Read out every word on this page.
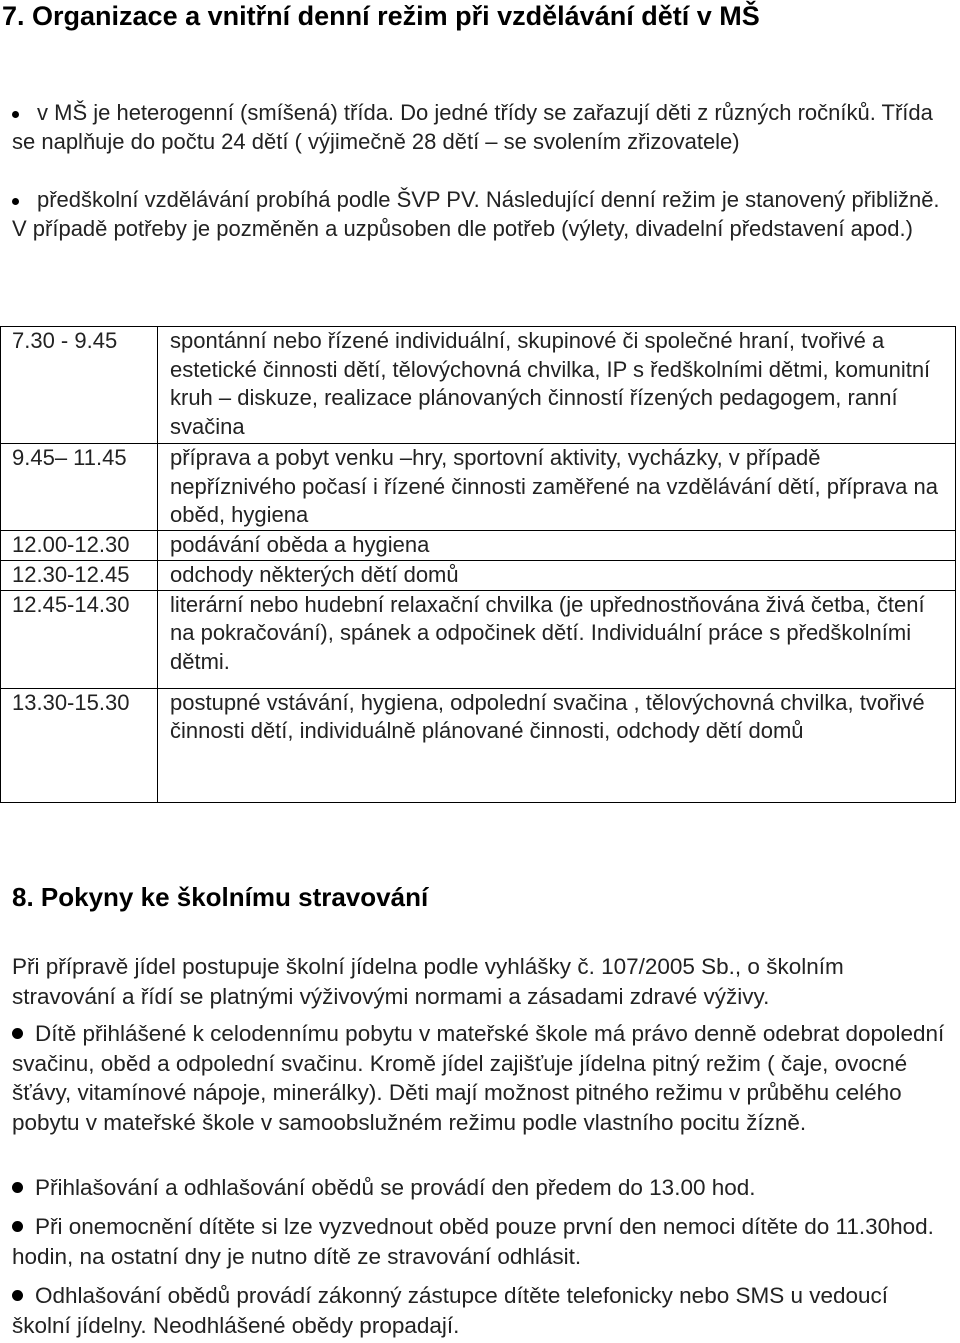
7. Organizace a vnitřní denní režim při vzdělávání dětí v MŠ
v MŠ je heterogenní (smíšená) třída. Do jedné třídy se zařazují děti z různých ročníků. Třída se naplňuje do počtu 24 dětí ( výjimečně 28 dětí – se svolením zřizovatele)
předškolní vzdělávání probíhá podle ŠVP PV. Následující denní režim je stanovený přibližně. V případě potřeby je pozměněn a uzpůsoben dle potřeb (výlety, divadelní představení apod.)
7.30 - 9.45	spontánní nebo řízené individuální, skupinové či společné hraní, tvořivé a estetické činnosti dětí, tělovýchovná chvilka, IP s ředškolními dětmi, komunitní kruh – diskuze, realizace plánovaných činností řízených pedagogem, ranní svačina
9.45– 11.45	příprava a pobyt venku –hry, sportovní aktivity, vycházky, v případě nepříznivého počasí i řízené činnosti zaměřené na vzdělávání dětí, příprava na oběd, hygiena
12.00-12.30	podávání oběda a hygiena
12.30-12.45	odchody některých dětí domů
12.45-14.30	literární nebo hudební relaxační chvilka (je upřednostňována živá četba, čtení na pokračování), spánek a odpočinek dětí. Individuální práce s předškolními dětmi.
13.30-15.30	postupné vstávání, hygiena, odpolední svačina , tělovýchovná chvilka, tvořivé činnosti dětí, individuálně plánované činnosti, odchody dětí domů
8. Pokyny ke školnímu stravování
Při přípravě jídel postupuje školní jídelna podle vyhlášky č. 107/2005 Sb., o školním stravování a řídí se platnými výživovými normami a zásadami zdravé výživy.
Dítě přihlášené k celodennímu pobytu v mateřské škole má právo denně odebrat dopolední svačinu, oběd a odpolední svačinu. Kromě jídel zajišťuje jídelna pitný režim ( čaje, ovocné šťávy, vitamínové nápoje, minerálky). Děti mají možnost pitného režimu v průběhu celého pobytu v mateřské škole v samoobslužném režimu podle vlastního pocitu žízně.
Přihlašování a odhlašování obědů se provádí den předem do 13.00 hod.
Při onemocnění dítěte si lze vyzvednout oběd pouze první den nemoci dítěte do 11.30hod. hodin, na ostatní dny je nutno dítě ze stravování odhlásit.
Odhlašování obědů provádí zákonný zástupce dítěte telefonicky nebo SMS u vedoucí školní jídelny. Neodhlášené obědy propadají.
